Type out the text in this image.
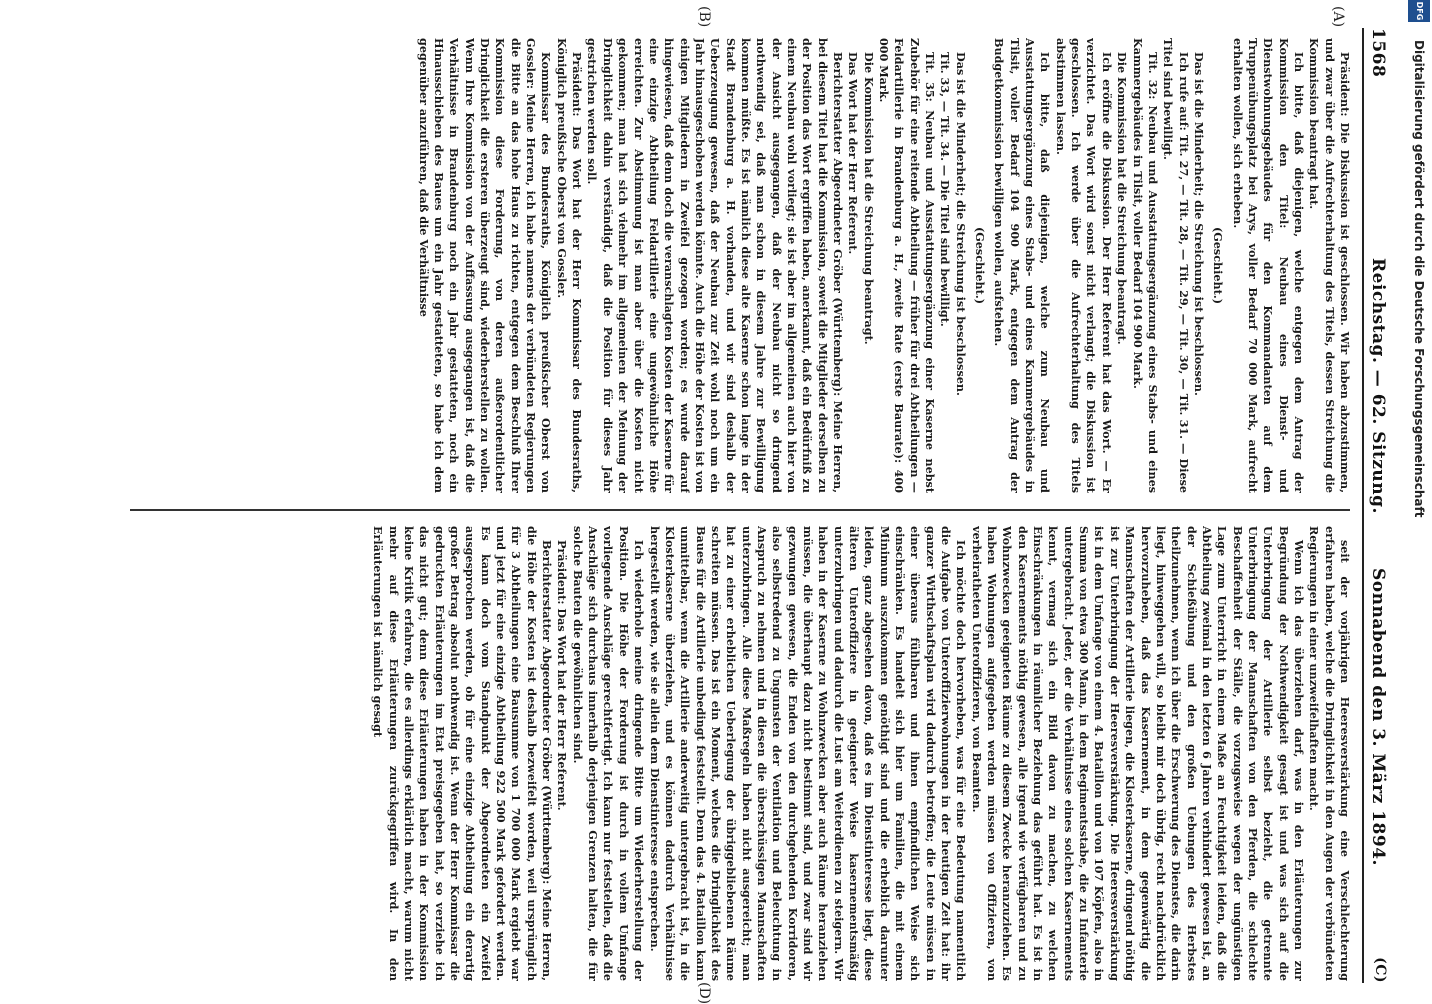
1568
Reichstag. — 62. Sitzung.
Sonnabend den 3. März 1894.
(C)
(A)
(B)
(D)

Präsident: Die Diskussion ist geschlossen. Wir haben abzustimmen, und zwar über die Aufrechterhaltung des Titels, dessen Streichung die Kommission beantragt hat.

Ich bitte, daß diejenigen, welche entgegen dem Antrag der Kommission den Titel: Neubau eines Dienst- und Dienstwohnungsgebäudes für den Kommandanten auf dem Truppenübungsplatz bei Arys, voller Bedarf 70 000 Mark, aufrecht erhalten wollen, sich erheben.

(Geschieht.)

Das ist die Minderheit; die Streichung ist beschlossen.

Ich rufe auf: Tit. 27, — Tit. 28, — Tit. 29, — Tit. 30, — Tit. 31. — Diese Titel sind bewilligt.

Tit. 32: Neubau und Ausstattungsergänzung eines Stabs- und eines Kammergebäudes in Tilsit, voller Bedarf 104 900 Mark.

Die Kommission hat die Streichung beantragt.

Ich eröffne die Diskussion. Der Herr Referent hat das Wort. — Er verzichtet. Das Wort wird sonst nicht verlangt; die Diskussion ist geschlossen. Ich werde über die Aufrechterhaltung des Titels abstimmen lassen.

Ich bitte, daß diejenigen, welche zum Neubau und Ausstattungsergänzung eines Stabs- und eines Kammergebäudes in Tilsit, voller Bedarf 104 900 Mark, entgegen dem Antrag der Budgetkommission bewilligen wollen, aufstehen.

(Geschieht.)

Das ist die Minderheit; die Streichung ist beschlossen.

Tit. 33, — Tit. 34. — Die Titel sind bewilligt.

Tit. 35: Neubau und Ausstattungsergänzung einer Kaserne nebst Zubehör für eine reitende Abtheilung — früher für drei Abtheilungen — Feldartillerie in Brandenburg a. H., zweite Rate (erste Baurate): 400 000 Mark.

Die Kommission hat die Streichung beantragt.

Das Wort hat der Herr Referent.

Berichterstatter Abgeordneter Gröber (Württemberg): Meine Herren, bei diesem Titel hat die Kommission, soweit die Mitglieder derselben zu der Position das Wort ergriffen haben, anerkannt, daß ein Bedürfniß zu einem Neubau wohl vorliegt; sie ist aber im allgemeinen auch hier von der Ansicht ausgegangen, daß der Neubau nicht so dringend nothwendig sei, daß man schon in diesem Jahre zur Bewilligung kommen müßte. Es ist nämlich diese alte Kaserne schon lange in der Stadt Brandenburg a. H. vorhanden, und wir sind deshalb der Ueberzeugung gewesen, daß der Neubau zur Zeit wohl noch um ein Jahr hinausgeschoben werden könnte. Auch die Höhe der Kosten ist von einigen Mitgliedern in Zweifel gezogen worden; es wurde darauf hingewiesen, daß denn doch die veranschlagten Kosten der Kaserne für eine einzige Abtheilung Feldartillerie eine ungewöhnliche Höhe erreichten. Zur Abstimmung ist man aber über die Kosten nicht gekommen; man hat sich vielmehr im allgemeinen der Meinung der Dringlichkeit dahin verständigt, daß die Position für dieses Jahr gestrichen werden soll.

Präsident: Das Wort hat der Herr Kommissar des Bundesraths, Königlich preußische Oberst von Gossler.

Kommissar des Bundesraths, Königlich preußischer Oberst von Gossler: Meine Herren, ich habe namens der verbündeten Regierungen die Bitte an das hohe Haus zu richten, entgegen dem Beschluß Ihrer Kommission diese Forderung, von deren außerordentlicher Dringlichkeit die ersteren überzeugt sind, wiederherstellen zu wollen. Wenn Ihre Kommission von der Auffassung ausgegangen ist, daß die Verhältnisse in Brandenburg noch ein Jahr gestatteten, noch ein Hinausschieben des Baues um ein Jahr gestatteten, so habe ich dem gegenüber anzuführen, daß die Verhältnisse

seit der vorjährigen Heeresverstärkung eine Verschlechterung erfahren haben, welche die Dringlichkeit in den Augen der verbündeten Regierungen in einer unzweifelhaften macht.

Wenn ich das überziehen darf, was in den Erläuterungen zur Begründung der Nothwendigkeit gesagt ist und was sich auf die Unterbringung der Artillerie selbst bezieht, die getrennte Unterbringung der Mannschaften von den Pferden, die schlechte Beschaffenheit der Ställe, die vorzugsweise wegen der ungünstigen Lage zum Unterricht in einem Maße an Feuchtigkeit leiden, daß die Abtheilung zweimal in den letzten 6 Jahren verhindert gewesen ist, an der Schießübung und den großen Uebungen des Herbstes theilzunehmen, wenn ich über die Erschwerung des Dienstes, die darin liegt, hinweggehen will, so bleibt mir doch übrig, recht nachdrücklich hervorzuheben, daß das Kasernement, in dem gegenwärtig die Mannschaften der Artillerie liegen, die Klosterkaserne, dringend nöthig ist zur Unterbringung der Heeresverstärkung. Die Heeresverstärkung ist in dem Umfange von einem 4. Bataillon und von 107 Köpfen, also in Summa von etwa 300 Mann, in dem Regimentsstabe, die zu Infanterie untergebracht. Jeder, der die Verhältnisse eines solchen Kasernements kennt, vermag sich ein Bild davon zu machen, zu welchen Einschränkungen in räumlicher Beziehung das geführt hat. Es ist in den Kasernements nöthig gewesen, alle irgend wie verfügbaren und zu Wohnzwecken geeigneten Räume zu diesem Zwecke heranzuziehen. Es haben Wohnungen aufgegeben werden müssen von Offizieren, von verheiratheten Unteroffizieren, von Beamten.

Ich möchte doch hervorheben, was für eine Bedeutung namentlich die Aufgabe von Unteroffizierwohnungen in der heutigen Zeit hat: ihr ganzer Wirthschaftsplan wird dadurch betroffen; die Leute müssen in einer überaus fühlbaren und ihnen empfindlichen Weise sich einschränken. Es handelt sich hier um Familien, die mit einem Minimum auszukommen genöthigt sind und die erheblich darunter leiden, ganz abgesehen davon, daß es im Dienstinteresse liegt, diese älteren Unteroffiziere in geeigneter Weise kasernementsmäßig unterzubringen und dadurch die Lust am Weiterdienen zu steigern. Wir haben in der Kaserne zu Wohnzwecken aber auch Räume heranziehen müssen, die überhaupt dazu nicht bestimmt sind, und zwar sind wir gezwungen gewesen, die Enden von den durchgehenden Korridoren, also selbstredend zu Ungunsten der Ventilation und Beleuchtung in Anspruch zu nehmen und in diesen die überschüssigen Mannschaften unterzubringen. Alle diese Maßregeln haben nicht ausgereicht; man hat zu einer erheblichen Ueberlegung der übriggebliebenen Räume schreiten müssen. Das ist ein Moment, welches die Dringlichkeit des Baues für die Artillerie unbedingt feststellt. Denn das 4. Bataillon kann unmittelbar, wenn die Artillerie anderweitig untergebracht ist, in die Klosterkaserne überziehen, und es können dadurch Verhältnisse hergestellt werden, wie sie allein dem Dienstinteresse entsprechen.

Ich wiederhole meine dringende Bitte um Wiederherstellung der Position. Die Höhe der Forderung ist durch in vollem Umfange vorliegende Anschläge gerechtfertigt. Ich kann nur feststellen, daß die Anschläge sich durchaus innerhalb derjenigen Grenzen halten, die für solche Bauten die gewöhnlichen sind.

Präsident: Das Wort hat der Herr Referent.

Berichterstatter Abgeordneter Gröber (Württemberg): Meine Herren, die Höhe der Kosten ist deshalb bezweifelt worden, weil ursprünglich für 3 Abtheilungen eine Bausumme von 1 700 000 Mark ergiebt war und jetzt für eine einzige Abtheilung 922 500 Mark gefordert werden. Es kann doch vom Standpunkt der Abgeordneten ein Zweifel ausgesprochen werden, ob für eine einzige Abtheilung ein derartig großer Betrag absolut nothwendig ist. Wenn der Herr Kommissar die gedruckten Erläuterungen im Etat preisgegeben hat, so verziehe ich das nicht gut; denn diese Erläuterungen haben in der Kommission keine Kritik erfahren, die es allerdings erklärlich macht, warum nicht mehr auf diese Erläuterungen zurückgegriffen wird. In den Erläuterungen ist nämlich gesagt

DFG
Digitalisierung gefördert durch die Deutsche Forschungsgemeinschaft
